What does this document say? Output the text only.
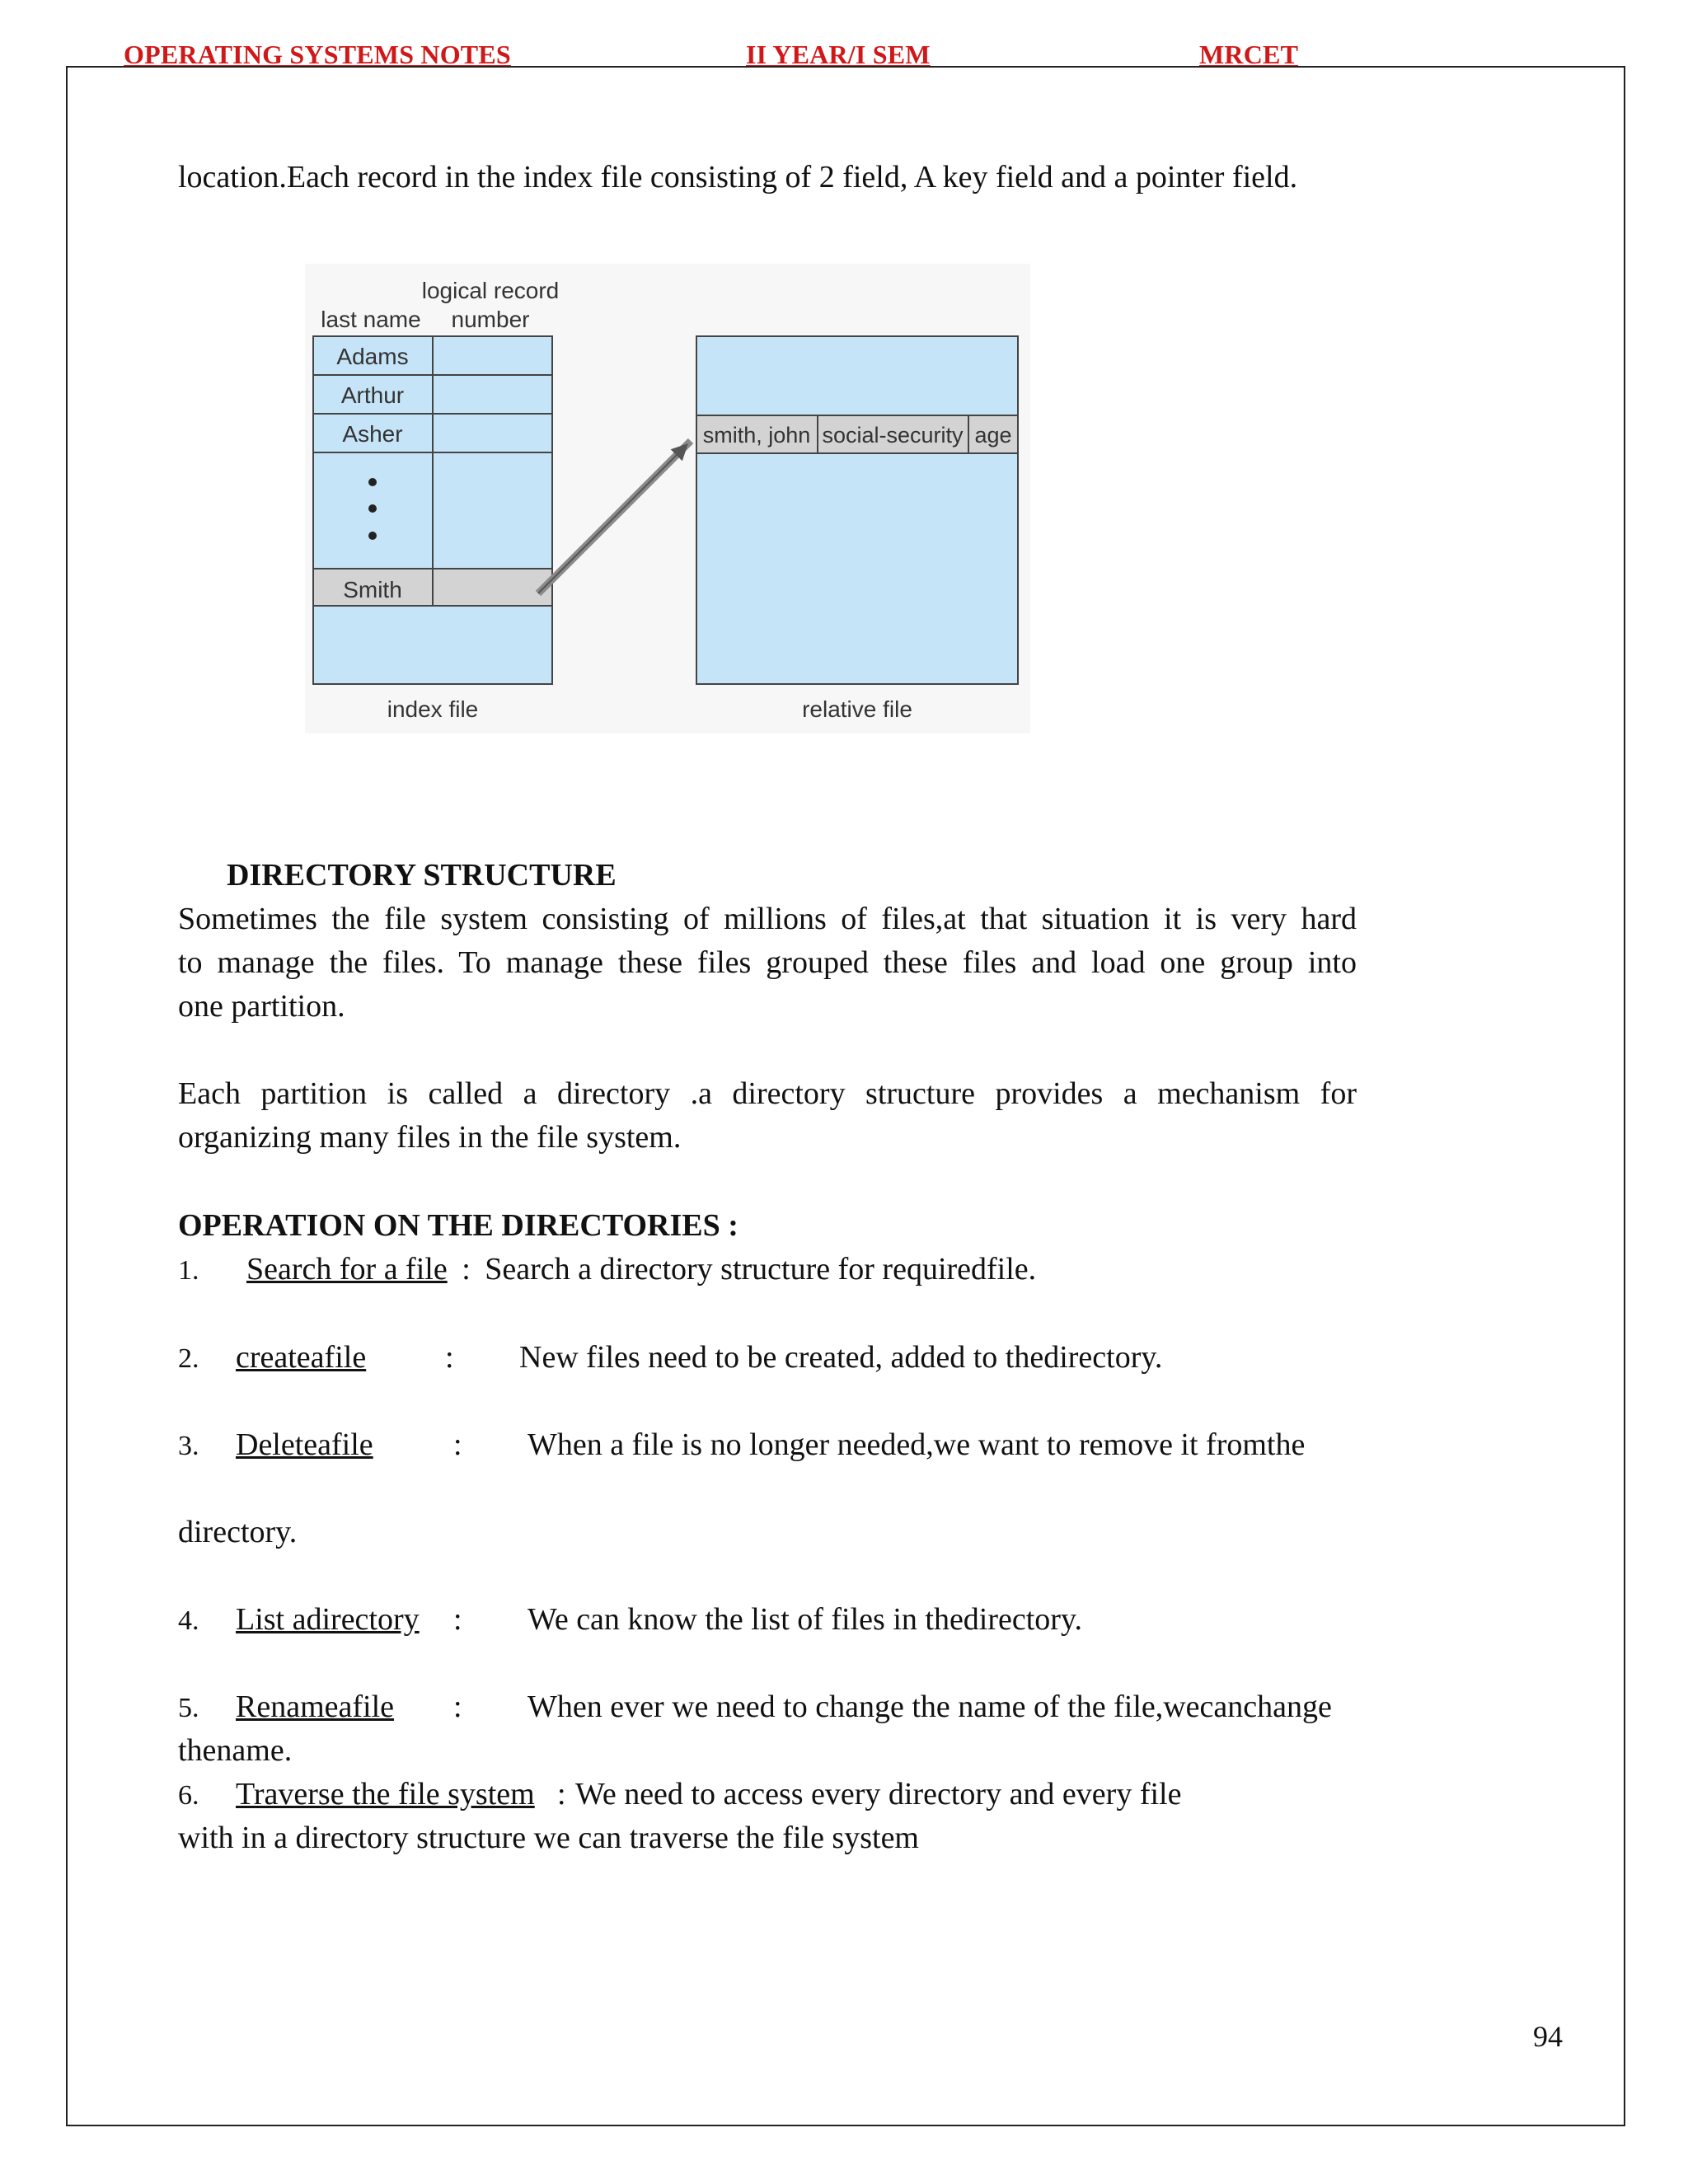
OPERATING SYSTEMS NOTES	II YEAR/I SEM	MRCET
location.Each record in the index file consisting of 2 field, A key field and a pointer field.
last name
logical record
number
Adams
Arthur
Asher
Smith
smith, john social-security age
index file	relative file
DIRECTORY STRUCTURE
Sometimes the file system consisting of millions of files,at that situation it is very hard
to manage the files. To manage these files grouped these files and load one group into
one partition.
Each partition is called a directory .a directory structure provides a mechanism for
organizing many files in the file system.
OPERATION ON THE DIRECTORIES :
1. Search for a file : Search a directory structure for requiredfile.
2. createafile	: New files need to be created, added to thedirectory.
3. Deleteafile	: When a file is no longer needed,we want to remove it fromthe
directory.
4. List adirectory : We can know the list of files in thedirectory.
5. Renameafile : When ever we need to change the name of the file,wecanchange
thename.
6. Traverse the file system : We need to access every directory and every file
with in a directory structure we can traverse the file system
94
